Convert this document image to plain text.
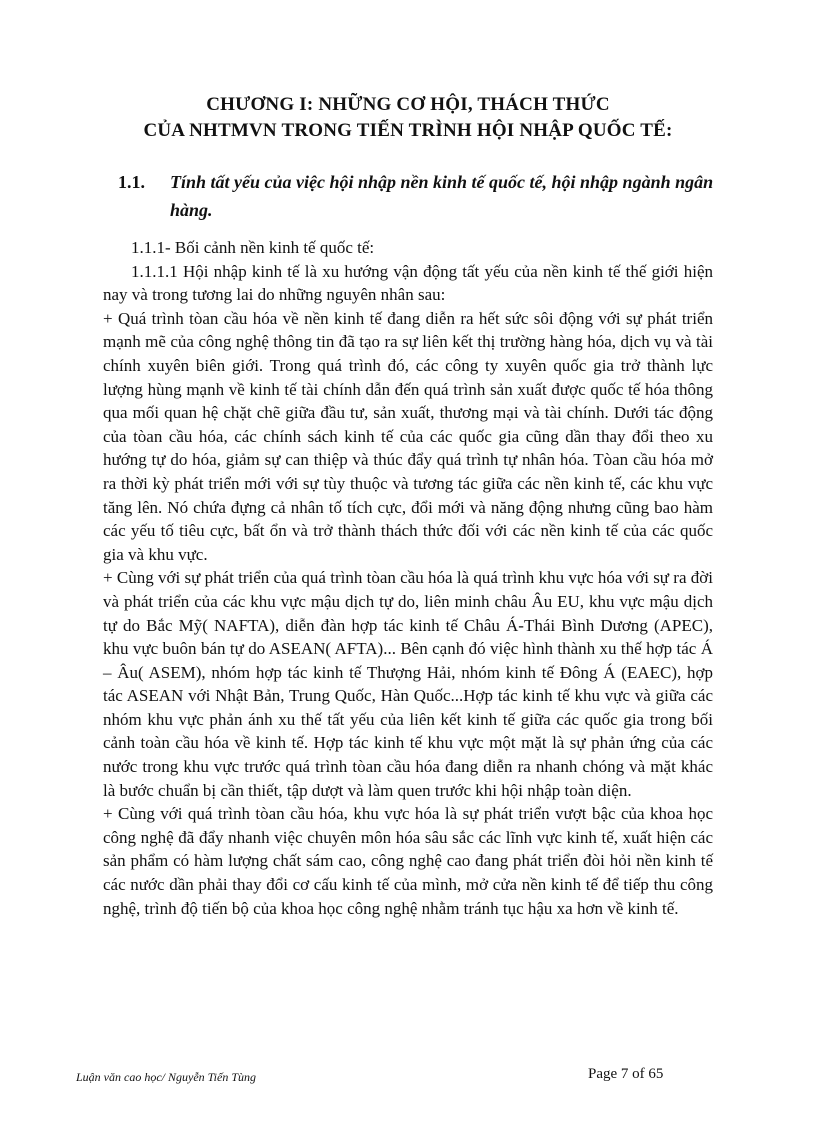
CHƯƠNG I: NHỮNG CƠ HỘI, THÁCH THỨC
CỦA NHTMVN TRONG TIẾN TRÌNH HỘI NHẬP QUỐC TẾ:
1.1. Tính tất yếu của việc hội nhập nền kinh tế quốc tế, hội nhập ngành ngân hàng.

1.1.1- Bối cảnh nền kinh tế quốc tế:

1.1.1.1 Hội nhập kinh tế là xu hướng vận động tất yếu của nền kinh tế thế giới hiện nay và trong tương lai do những nguyên nhân sau:

+ Quá trình tòan cầu hóa về nền kinh tế đang diễn ra hết sức sôi động với sự phát triển mạnh mẽ của công nghệ thông tin đã tạo ra sự liên kết thị trường hàng hóa, dịch vụ và tài chính xuyên biên giới. Trong quá trình đó, các công ty xuyên quốc gia trở thành lực lượng hùng mạnh về kinh tế tài chính dẫn đến quá trình sản xuất được quốc tế hóa thông qua mối quan hệ chặt chẽ giữa đầu tư, sản xuất, thương mại và tài chính. Dưới tác động của tòan cầu hóa, các chính sách kinh tế của các quốc gia cũng dần thay đổi theo xu hướng tự do hóa, giảm sự can thiệp và thúc đẩy quá trình tự nhân hóa. Tòan cầu hóa mở ra thời kỳ phát triển mới với sự tùy thuộc và tương tác giữa các nền kinh tế, các khu vực tăng lên. Nó chứa đựng cả nhân tố tích cực, đổi mới và năng động nhưng cũng bao hàm các yếu tố tiêu cực, bất ổn và trở thành thách thức đối với các nền kinh tế của các quốc gia và khu vực.

+ Cùng với sự phát triển của quá trình tòan cầu hóa là quá trình khu vực hóa với sự ra đời và phát triển của các khu vực mậu dịch tự do, liên minh châu Âu EU, khu vực mậu dịch tự do Bắc Mỹ( NAFTA), diễn đàn hợp tác kinh tế Châu Á-Thái Bình Dương (APEC), khu vực buôn bán tự do ASEAN( AFTA)... Bên cạnh đó việc hình thành xu thế hợp tác Á – Âu( ASEM), nhóm hợp tác kinh tế Thượng Hải, nhóm kinh tế Đông Á (EAEC), hợp tác ASEAN với Nhật Bản, Trung Quốc, Hàn Quốc...Hợp tác kinh tế khu vực và giữa các nhóm khu vực phản ánh xu thế tất yếu của liên kết kinh tế giữa các quốc gia trong bối cảnh toàn cầu hóa về kinh tế. Hợp tác kinh tế khu vực một mặt là sự phản ứng của các nước trong khu vực trước quá trình tòan cầu hóa đang diễn ra nhanh chóng và mặt khác là bước chuẩn bị cần thiết, tập dượt và làm quen trước khi hội nhập toàn diện.

+ Cùng với quá trình tòan cầu hóa, khu vực hóa là sự phát triển vượt bậc của khoa học công nghệ đã đẩy nhanh việc chuyên môn hóa sâu sắc các lĩnh vực kinh tế, xuất hiện các sản phẩm có hàm lượng chất sám cao, công nghệ cao đang phát triển đòi hỏi nền kinh tế các nước dần phải thay đổi cơ cấu kinh tế của mình, mở cửa nền kinh tế để tiếp thu công nghệ, trình độ tiến bộ của khoa học công nghệ nhằm tránh tục hậu xa hơn về kinh tế.

Luận văn cao học/ Nguyễn Tiến Tùng	Page 7 of 65
